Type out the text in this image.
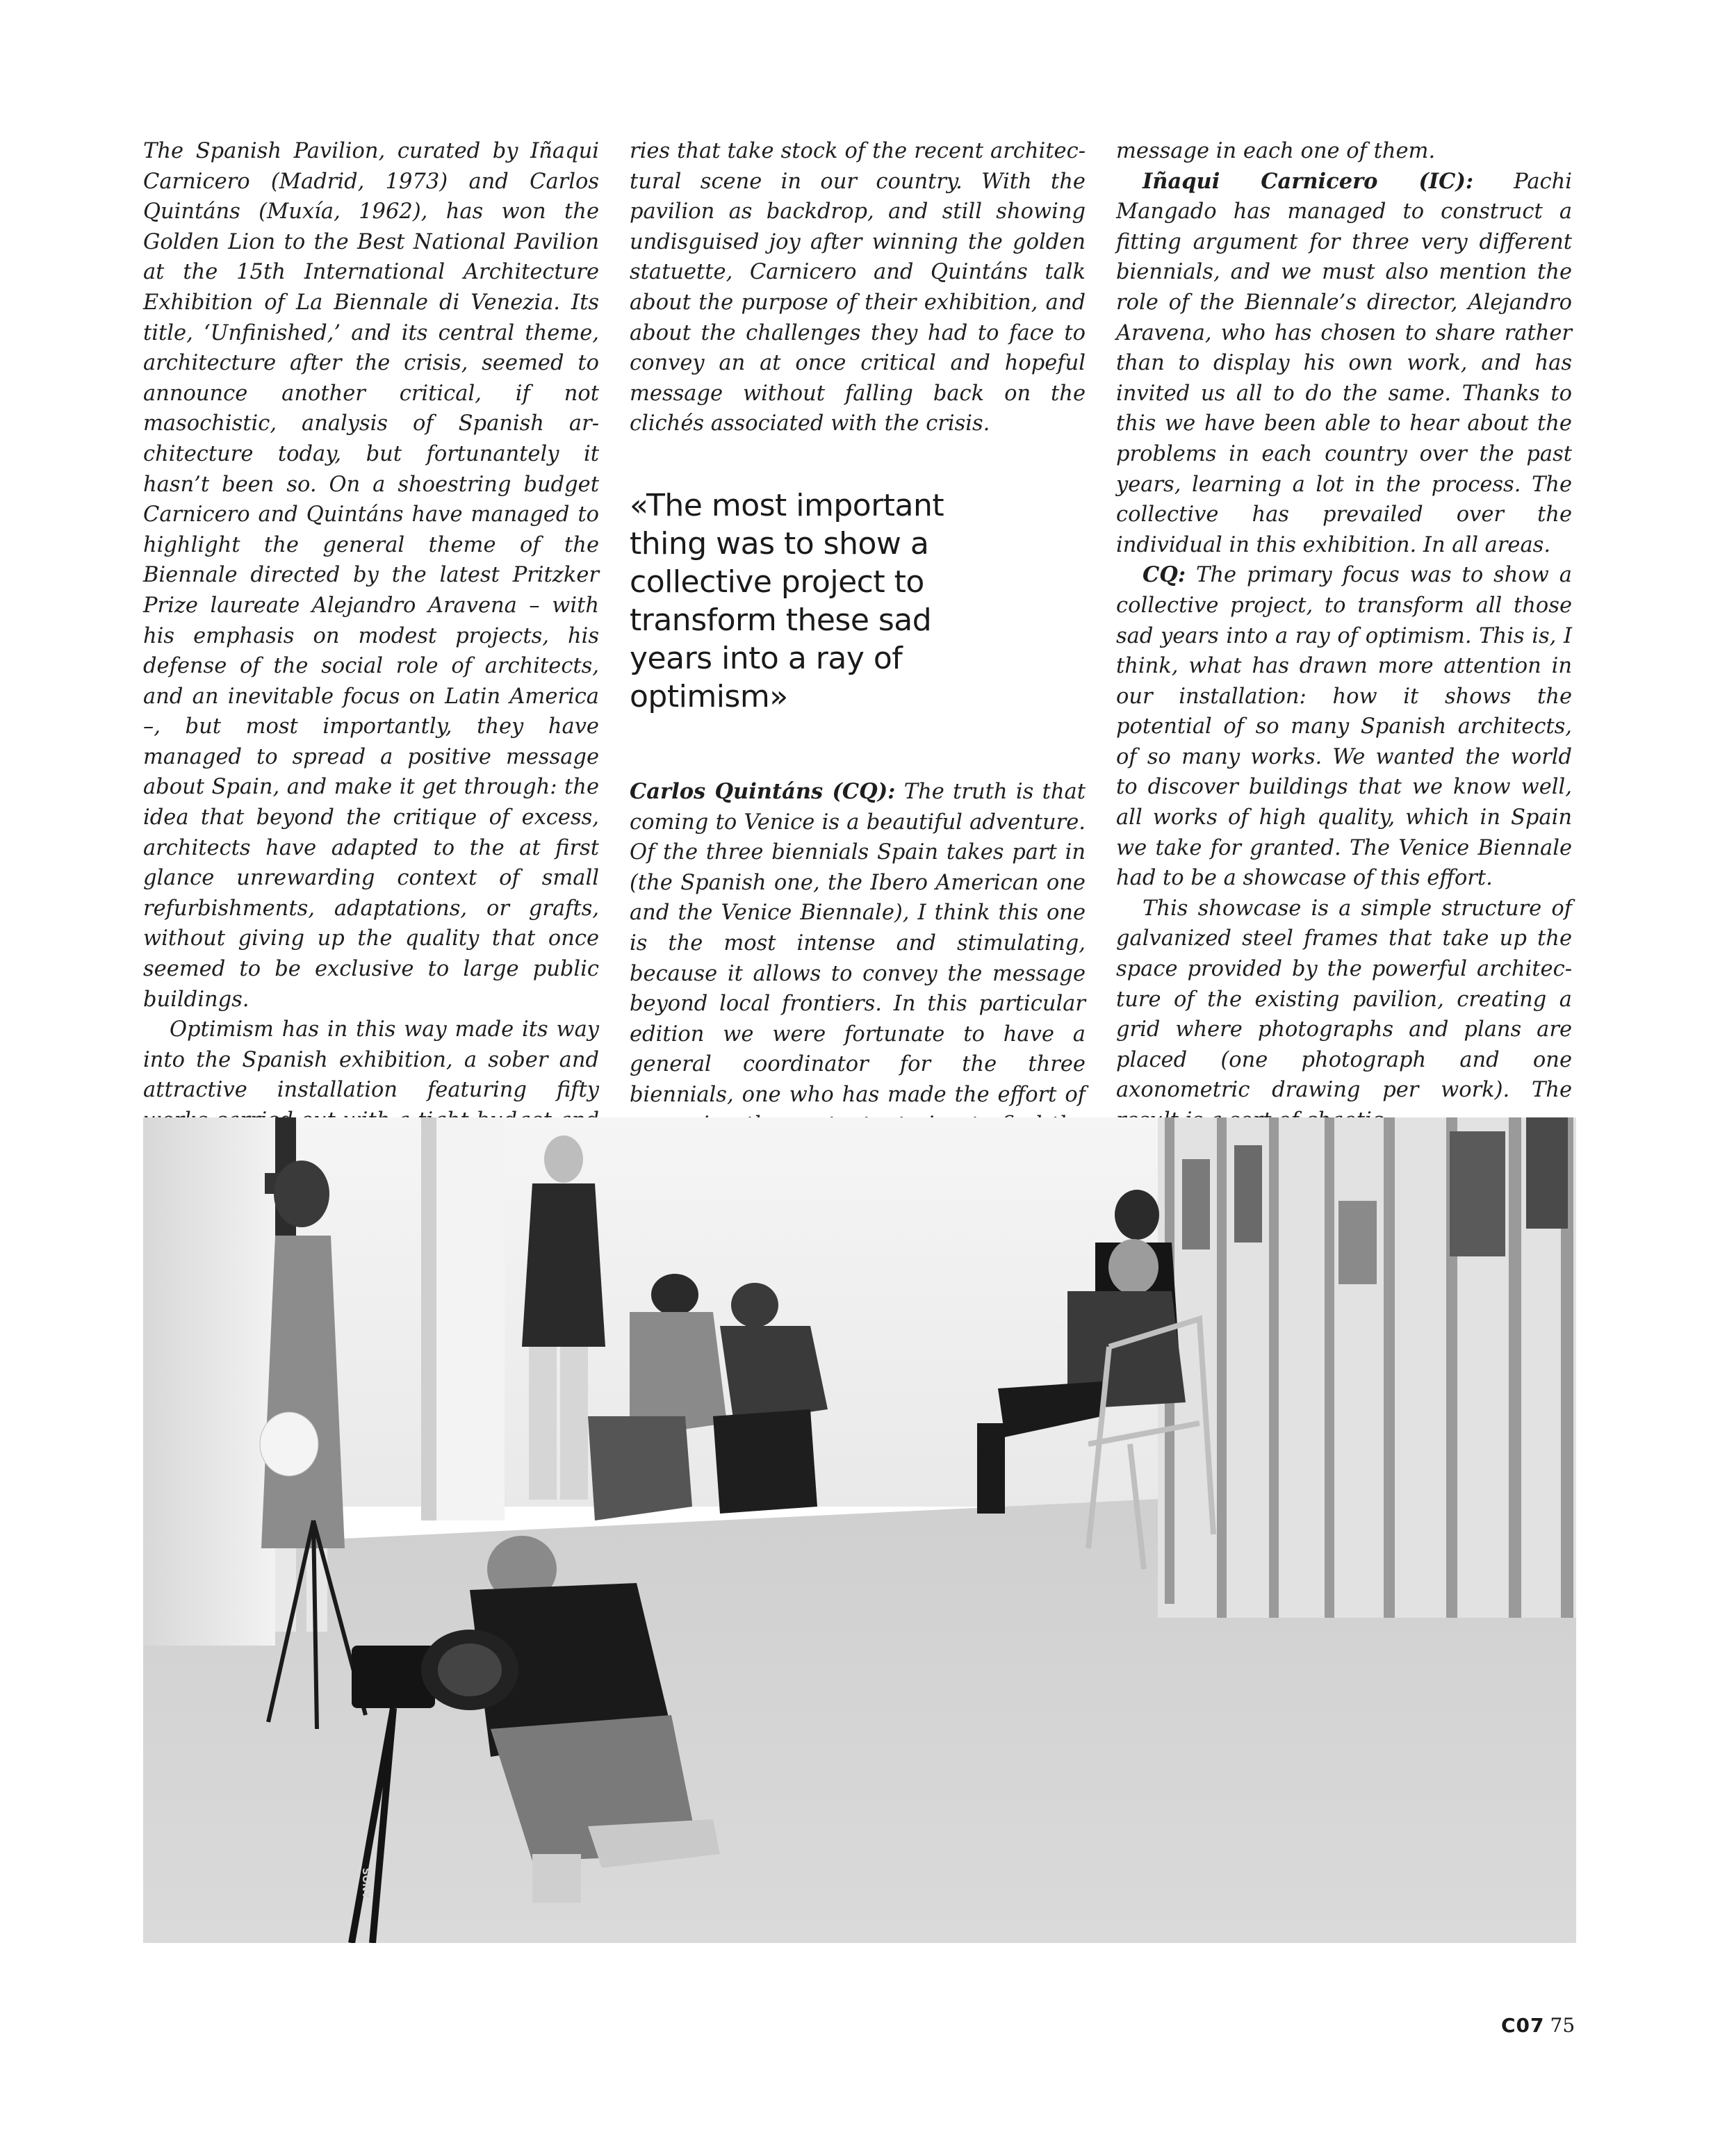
The Spanish Pavilion, curated by Iñaqui Carnicero (Madrid, 1973) and Carlos Quintáns (Muxía, 1962), has won the Golden Lion to the Best National Pavilion at the 15th International Architecture Exhibition of La Biennale di Venezia. Its title, ‘Unfinished,’ and its central theme, architecture after the crisis, seemed to announce another critical, if not masochistic, analysis of Spanish architecture today, but fortunantely it hasn’t been so. On a shoestring budget Carnicero and Quintáns have managed to highlight the general theme of the Biennale directed by the latest Pritzker Prize laureate Alejandro Aravena – with his emphasis on modest projects, his defense of the social role of architects, and an inevitable focus on Latin America –, but most importantly, they have managed to spread a positive message about Spain, and make it get through: the idea that beyond the critique of excess, architects have adapted to the at first glance unrewarding context of small refurbishments, adaptations, or grafts, without giving up the quality that once seemed to be exclusive to large public buildings.

Optimism has in this way made its way into the Spanish exhibition, a sober and attractive installation featuring fifty

ries that take stock of the recent architectural scene in our country. With the pavilion as backdrop, and still showing undisguised joy after winning the golden statuette, Carnicero and Quintáns talk about the purpose of their exhibition, and about the challenges they had to face to convey an at once critical and hopeful message without falling back on the clichés associated with the crisis.

«The most important thing was to show a collective project to transform these sad years into a ray of optimism»

Carlos Quintáns (CQ): The truth is that coming to Venice is a beautiful adventure. Of the three biennials Spain takes part in (the Spanish one, the Ibero American one and the Venice Biennale), I think this one is the most intense and stimulating, because it allows to convey the message beyond local frontiers. In this particular edition we were fortunate to have a general coordinator for the three biennials, one who has made the effort of

message in each one of them.

Iñaqui Carnicero (IC): Pachi Mangado has managed to construct a fitting argument for three very different biennials, and we must also mention the role of the Biennale’s director, Alejandro Aravena, who has chosen to share rather than to display his own work, and has invited us all to do the same. Thanks to this we have been able to hear about the problems in each country over the past years, learning a lot in the process. The collective has prevailed over the individual in this exhibition. In all areas.

CQ: The primary focus was to show a collective project, to transform all those sad years into a ray of optimism. This is, I think, what has drawn more attention in our installation: how it shows the potential of so many Spanish architects, of so many works. We wanted the world to discover buildings that we know well, all works of high quality, which in Spain we take for granted. The Venice Biennale had to be a showcase of this effort.

This showcase is a simple structure of galvanized steel frames that take up the space provided by the powerful architecture of the existing pavilion, creating a grid where photographs and plans are placed (one photograph and one axonometric drawing per work). The

SONY
C07 75
